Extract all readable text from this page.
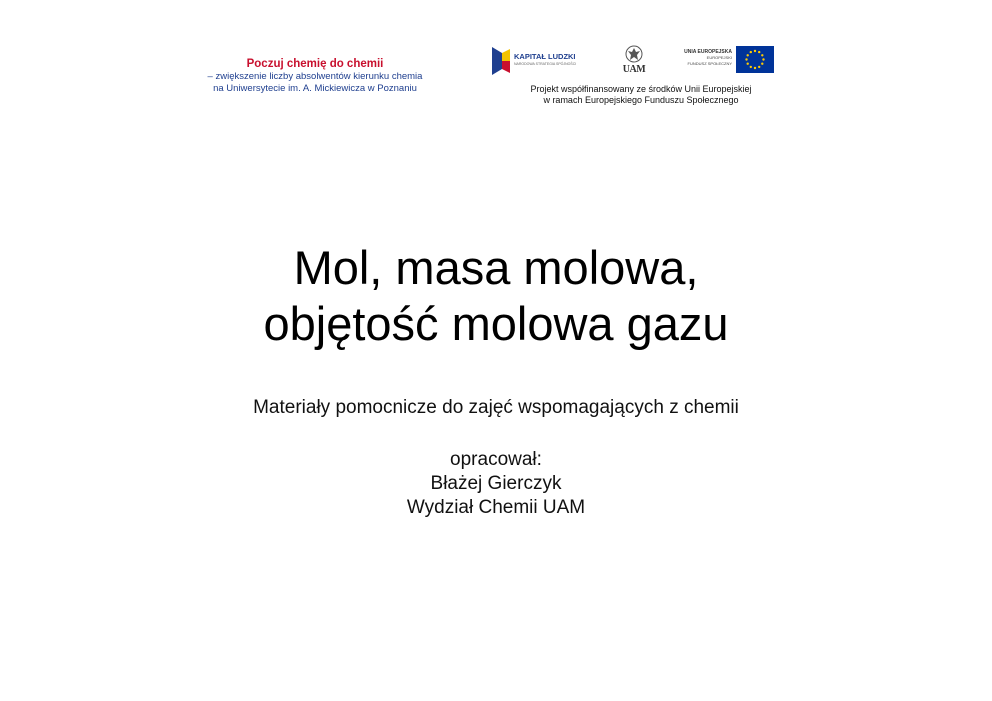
Poczuj chemię do chemii
– zwiększenie liczby absolwentów kierunku chemia
na Uniwersytecie im. A. Mickiewicza w Poznaniu
KAPITAŁ LUDZKI
NARODOWA STRATEGIA SPÓJNOŚCI	UAM
UNIA EUROPEJSKA
EUROPEJSKI
FUNDUSZ SPOŁECZNY
Projekt współfinansowany ze środków Unii Europejskiej
w ramach Europejskiego Funduszu Społecznego
Mol, masa molowa,
objętość molowa gazu
Materiały pomocnicze do zajęć wspomagających z chemii
opracował:
Błażej Gierczyk
Wydział Chemii UAM
